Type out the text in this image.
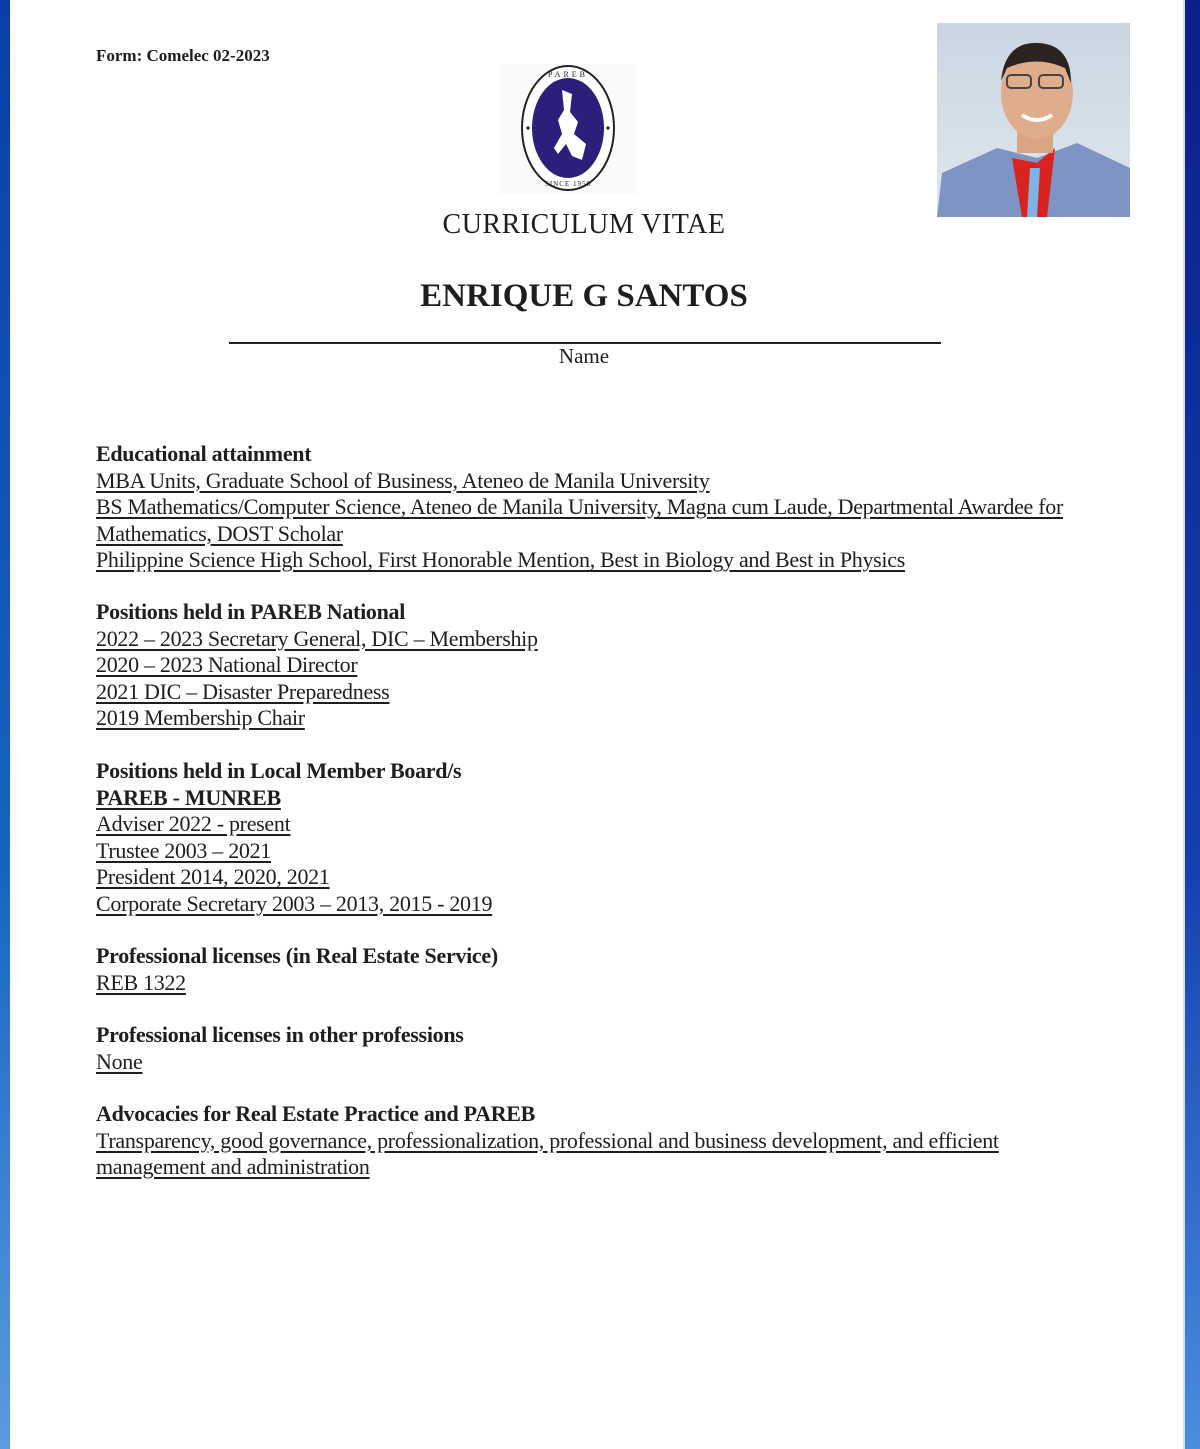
Form: Comelec 02-2023
PAREB
SINCE 1958
CURRICULUM VITAE
ENRIQUE G SANTOS
Name
Educational attainment
MBA Units, Graduate School of Business, Ateneo de Manila University
BS Mathematics/Computer Science, Ateneo de Manila University, Magna cum Laude, Departmental Awardee for Mathematics, DOST Scholar
Philippine Science High School, First Honorable Mention, Best in Biology and Best in Physics
Positions held in PAREB National
2022 – 2023 Secretary General, DIC – Membership
2020 – 2023 National Director
2021 DIC – Disaster Preparedness
2019 Membership Chair
Positions held in Local Member Board/s
PAREB - MUNREB
Adviser 2022 - present
Trustee 2003 – 2021
President 2014, 2020, 2021
Corporate Secretary 2003 – 2013, 2015 - 2019
Professional licenses (in Real Estate Service)
REB 1322
Professional licenses in other professions
None
Advocacies for Real Estate Practice and PAREB
Transparency, good governance, professionalization, professional and business development, and efficient management and administration
